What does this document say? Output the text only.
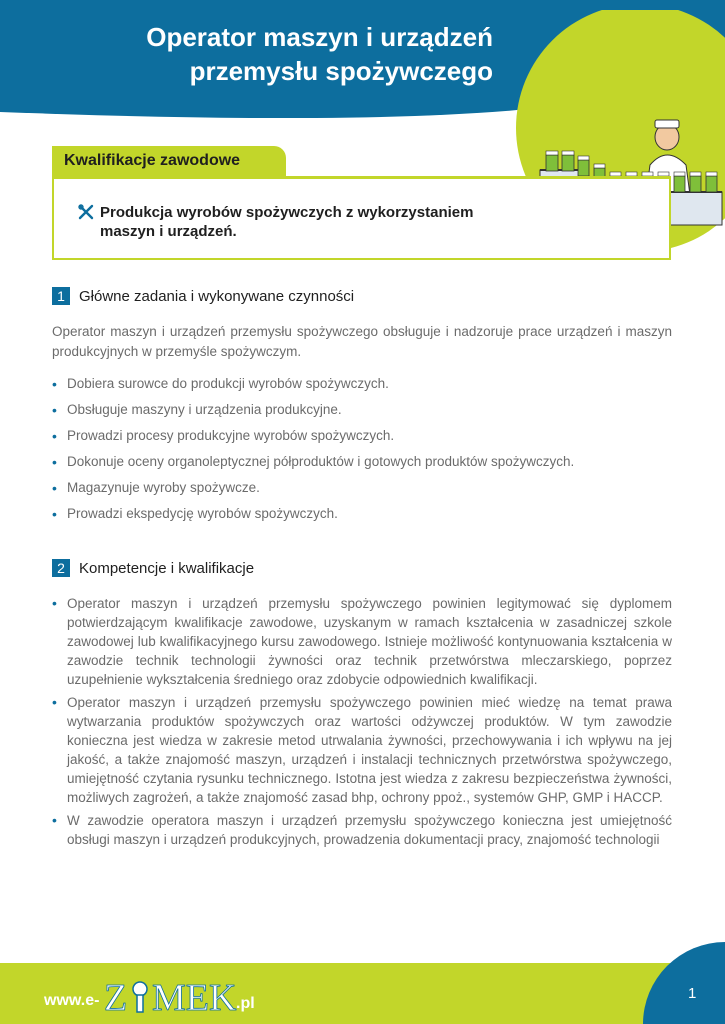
Operator maszyn i urządzeń
przemysłu spożywczego
Produkcja wyrobów spożywczych z wykorzystaniem
maszyn i urządzeń.
Kwalifikacje zawodowe
1 Główne zadania i wykonywane czynności

Operator maszyn i urządzeń przemysłu spożywczego obsługuje i nadzoruje prace urządzeń i maszyn produkcyjnych w przemyśle spożywczym.

• Dobiera surowce do produkcji wyrobów spożywczych.
• Obsługuje maszyny i urządzenia produkcyjne.
• Prowadzi procesy produkcyjne wyrobów spożywczych.
• Dokonuje oceny organoleptycznej półproduktów i gotowych produktów spożywczych.
• Magazynuje wyroby spożywcze.
• Prowadzi ekspedycję wyrobów spożywczych.
2 Kompetencje i kwalifikacje
• Operator maszyn i urządzeń przemysłu spożywczego powinien legitymować się dyplomem potwierdzającym kwalifikacje zawodowe, uzyskanym w ramach kształcenia w zasadniczej szkole zawodowej lub kwalifikacyjnego kursu zawodowego. Istnieje możliwość kontynuowania kształcenia w zawodzie technik technologii żywności oraz technik przetwórstwa mleczarskiego, poprzez uzupełnienie wykształcenia średniego oraz zdobycie odpowiednich kwalifikacji.
• Operator maszyn i urządzeń przemysłu spożywczego powinien mieć wiedzę na temat prawa wytwarzania produktów spożywczych oraz wartości odżywczej produktów. W tym zawodzie konieczna jest wiedza w zakresie metod utrwalania żywności, przechowywania i ich wpływu na jej jakość, a także znajomość maszyn, urządzeń i instalacji technicznych przetwórstwa spożywczego, umiejętność czytania rysunku technicznego. Istotna jest wiedza z zakresu bezpieczeństwa żywności, możliwych zagrożeń, a także znajomość zasad bhp, ochrony ppoż., systemów GHP, GMP i HACCP.
• W zawodzie operatora maszyn i urządzeń przemysłu spożywczego konieczna jest umiejętność obsługi maszyn i urządzeń produkcyjnych, prowadzenia dokumentacji pracy, znajomość technologii
www.e- Z MEK .pl
1
